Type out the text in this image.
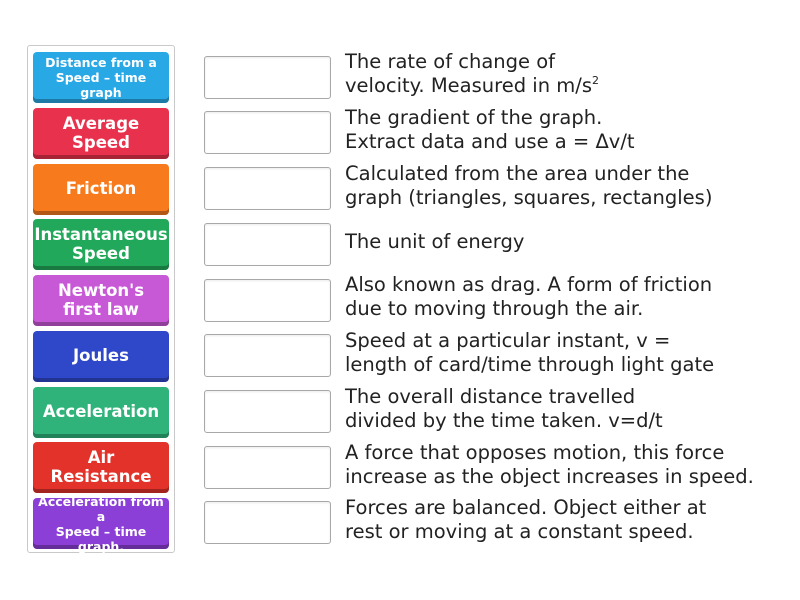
Distance from a
Speed – time graph
Average
Speed
Friction
Instantaneous
Speed
Newton's
first law
Joules
Acceleration
Air Resistance
Acceleration from a
Speed – time graph.
The rate of change of
velocity. Measured in $m/s^2$
The gradient of the graph.
Extract data and use a = Δv/t
Calculated from the area under the
graph (triangles, squares, rectangles)
The unit of energy
Also known as drag. A form of friction
due to moving through the air.
Speed at a particular instant, v =
length of card/time through light gate
The overall distance travelled
divided by the time taken. v=d/t
A force that opposes motion, this force
increase as the object increases in speed.
Forces are balanced. Object either at
rest or moving at a constant speed.
